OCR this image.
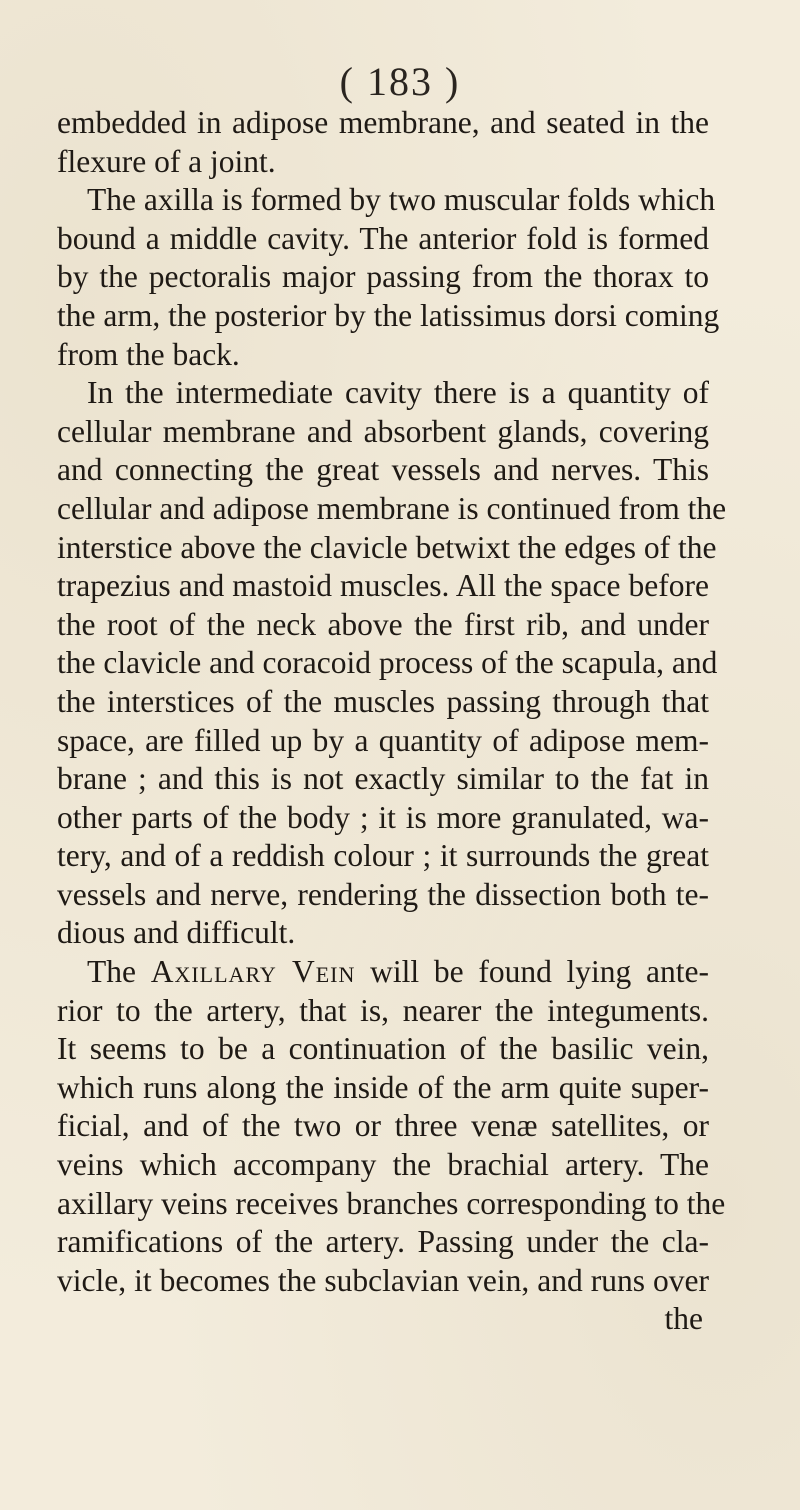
( 183 )
embedded in adipose membrane, and seated in the
flexure of a joint.
The axilla is formed by two muscular folds which
bound a middle cavity. The anterior fold is formed
by the pectoralis major passing from the thorax to
the arm, the posterior by the latissimus dorsi coming
from the back.
In the intermediate cavity there is a quantity of
cellular membrane and absorbent glands, covering
and connecting the great vessels and nerves. This
cellular and adipose membrane is continued from the
interstice above the clavicle betwixt the edges of the
trapezius and mastoid muscles. All the space before
the root of the neck above the first rib, and under
the clavicle and coracoid process of the scapula, and
the interstices of the muscles passing through that
space, are filled up by a quantity of adipose mem-
brane ; and this is not exactly similar to the fat in
other parts of the body ; it is more granulated, wa-
tery, and of a reddish colour ; it surrounds the great
vessels and nerve, rendering the dissection both te-
dious and difficult.
The Axillary Vein will be found lying ante-
rior to the artery, that is, nearer the integuments.
It seems to be a continuation of the basilic vein,
which runs along the inside of the arm quite super-
ficial, and of the two or three venæ satellites, or
veins which accompany the brachial artery. The
axillary veins receives branches corresponding to the
ramifications of the artery. Passing under the cla-
vicle, it becomes the subclavian vein, and runs over
the
